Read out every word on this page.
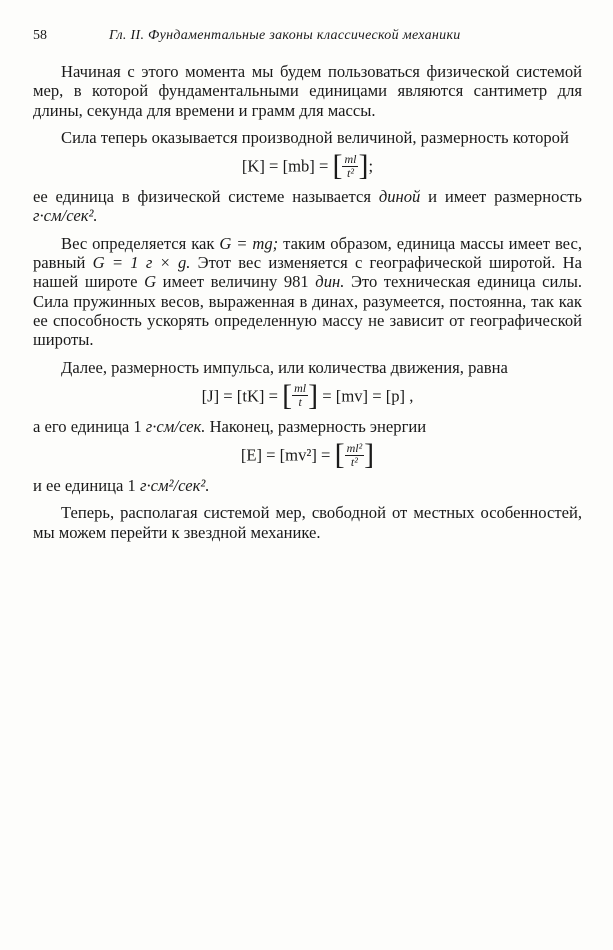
58	Гл. II. Фундаментальные законы классической механики

Начиная с этого момента мы будем пользоваться физической системой мер, в которой фундаментальными единицами являются сантиметр для длины, секунда для времени и грамм для массы.

Сила теперь оказывается производной величиной, размерность которой

[K] = [mb] = [ $\frac{ml}{\text{t²}}$ ];

ее единица в физической системе называется диной и имеет размерность г·см/сек².

Вес определяется как G = mg; таким образом, единица массы имеет вес, равный G = 1 г × g. Этот вес изменяется с географической широтой. На нашей широте G имеет величину 981 дин. Это техническая единица силы. Сила пружинных весов, выраженная в динах, разумеется, постоянна, так как ее способность ускорять определенную массу не зависит от географической широты.

Далее, размерность импульса, или количества движения, равна

[J] = [tK] = [ $\frac{ml}{t}$ ] = [mv] = [p] ,

а его единица 1 г·см/сек. Наконец, размерность энергии

[E] = [mv²] = [ $\frac{\text{ml²}}{\text{t²}}$ ]

и ее единица 1 г·см²/сек².

Теперь, располагая системой мер, свободной от местных особенностей, мы можем перейти к звездной механике.
